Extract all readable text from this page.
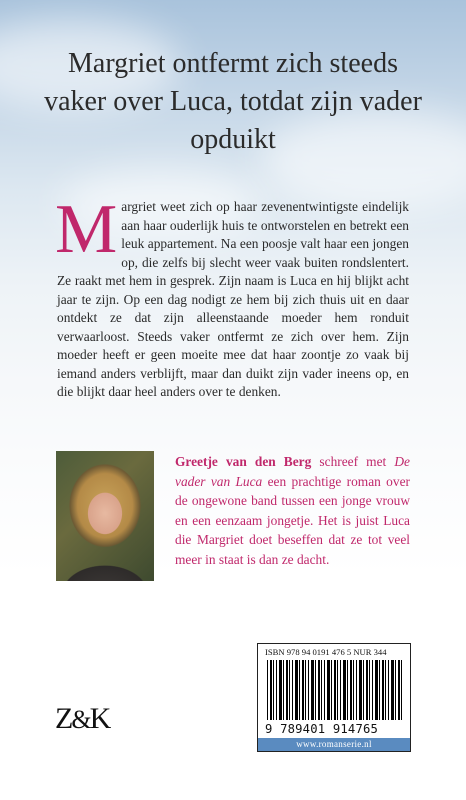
Margriet ontfermt zich steeds vaker over Luca, totdat zijn vader opduikt

Margriet weet zich op haar zevenentwintigste eindelijk aan haar ouderlijk huis te ontworstelen en betrekt een leuk appartement. Na een poosje valt haar een jongen op, die zelfs bij slecht weer vaak buiten rondslentert. Ze raakt met hem in gesprek. Zijn naam is Luca en hij blijkt acht jaar te zijn. Op een dag nodigt ze hem bij zich thuis uit en daar ontdekt ze dat zijn alleenstaande moeder hem ronduit verwaarloost. Steeds vaker ontfermt ze zich over hem. Zijn moeder heeft er geen moeite mee dat haar zoontje zo vaak bij iemand anders verblijft, maar dan duikt zijn vader ineens op, en die blijkt daar heel anders over te denken.

Greetje van den Berg schreef met De vader van Luca een prachtige roman over de ongewone band tussen een jonge vrouw en een eenzaam jongetje. Het is juist Luca die Margriet doet beseffen dat ze tot veel meer in staat is dan ze dacht.

Z&K
ISBN 978 94 0191 476 5 NUR 344
9 789401 914765
www.romanserie.nl
